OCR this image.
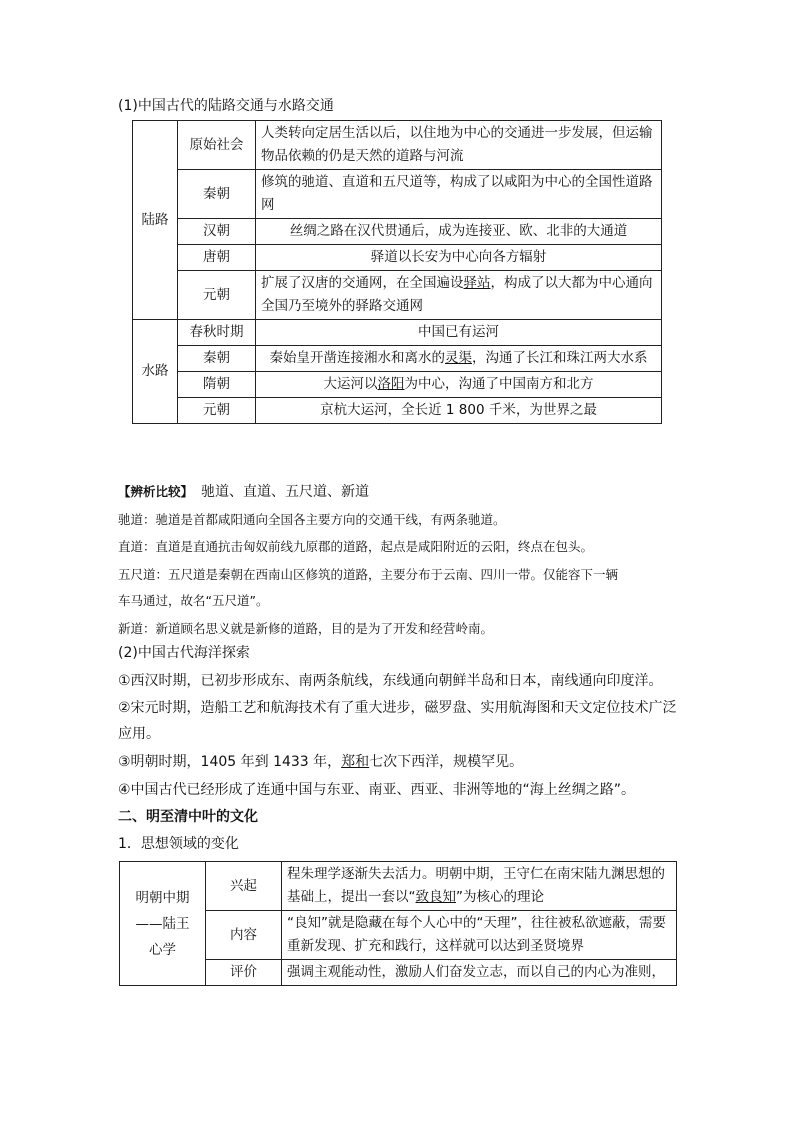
(1)中国古代的陆路交通与水路交通
陆路	原始社会	人类转向定居生活以后，以住地为中心的交通进一步发展，但运输物品依赖的仍是天然的道路与河流
	秦朝	修筑的驰道、直道和五尺道等，构成了以咸阳为中心的全国性道路网
	汉朝	丝绸之路在汉代贯通后，成为连接亚、欧、北非的大通道
	唐朝	驿道以长安为中心向各方辐射
	元朝	扩展了汉唐的交通网，在全国遍设驿站，构成了以大都为中心通向全国乃至境外的驿路交通网
水路	春秋时期	中国已有运河
	秦朝	秦始皇开凿连接湘水和离水的灵渠，沟通了长江和珠江两大水系
	隋朝	大运河以洛阳为中心，沟通了中国南方和北方
	元朝	京杭大运河，全长近 1 800 千米，为世界之最
【辨析比较】 驰道、直道、五尺道、新道
驰道：驰道是首都咸阳通向全国各主要方向的交通干线，有两条驰道。
直道：直道是直通抗击匈奴前线九原郡的道路，起点是咸阳附近的云阳，终点在包头。
五尺道：五尺道是秦朝在西南山区修筑的道路，主要分布于云南、四川一带。仅能容下一辆
车马通过，故名“五尺道”。
新道：新道顾名思义就是新修的道路，目的是为了开发和经营岭南。
(2)中国古代海洋探索
①西汉时期，已初步形成东、南两条航线，东线通向朝鲜半岛和日本，南线通向印度洋。
②宋元时期，造船工艺和航海技术有了重大进步，磁罗盘、实用航海图和天文定位技术广泛
应用。
③明朝时期，1405 年到 1433 年，郑和七次下西洋，规模罕见。
④中国古代已经形成了连通中国与东亚、南亚、西亚、非洲等地的“海上丝绸之路”。
二、明至清中叶的文化
1．思想领域的变化
明朝中期
——陆王
心学	兴起	程朱理学逐渐失去活力。明朝中期，王守仁在南宋陆九渊思想的基础上，提出一套以“致良知”为核心的理论
	内容	“良知”就是隐藏在每个人心中的“天理”，往往被私欲遮蔽，需要重新发现、扩充和践行，这样就可以达到圣贤境界
	评价	强调主观能动性，激励人们奋发立志，而以自己的内心为准则，
